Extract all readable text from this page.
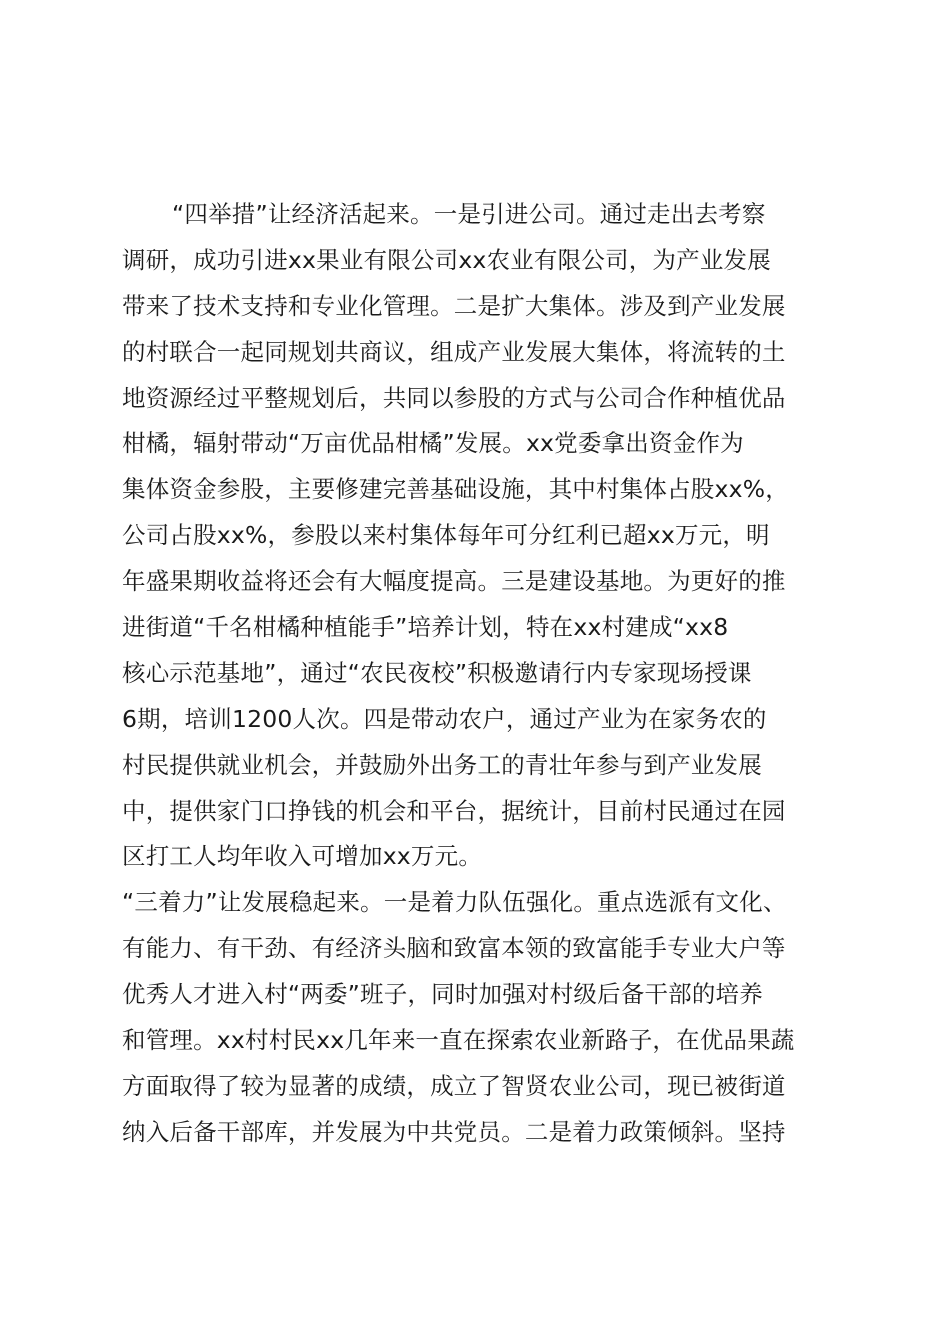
“四举措”让经济活起来。一是引进公司。通过走出去考察
调研，成功引进xx果业有限公司xx农业有限公司，为产业发展
带来了技术支持和专业化管理。二是扩大集体。涉及到产业发展
的村联合一起同规划共商议，组成产业发展大集体，将流转的土
地资源经过平整规划后，共同以参股的方式与公司合作种植优品
柑橘，辐射带动“万亩优品柑橘”发展。xx党委拿出资金作为
集体资金参股，主要修建完善基础设施，其中村集体占股xx%，
公司占股xx%，参股以来村集体每年可分红利已超xx万元，明
年盛果期收益将还会有大幅度提高。三是建设基地。为更好的推
进街道“千名柑橘种植能手”培养计划，特在xx村建成“xx8
核心示范基地”，通过“农民夜校”积极邀请行内专家现场授课
6期，培训1200人次。四是带动农户，通过产业为在家务农的
村民提供就业机会，并鼓励外出务工的青壮年参与到产业发展
中，提供家门口挣钱的机会和平台，据统计，目前村民通过在园
区打工人均年收入可增加xx万元。
“三着力”让发展稳起来。一是着力队伍强化。重点选派有文化、
有能力、有干劲、有经济头脑和致富本领的致富能手专业大户等
优秀人才进入村“两委”班子，同时加强对村级后备干部的培养
和管理。xx村村民xx几年来一直在探索农业新路子，在优品果蔬
方面取得了较为显著的成绩，成立了智贤农业公司，现已被街道
纳入后备干部库，并发展为中共党员。二是着力政策倾斜。坚持
